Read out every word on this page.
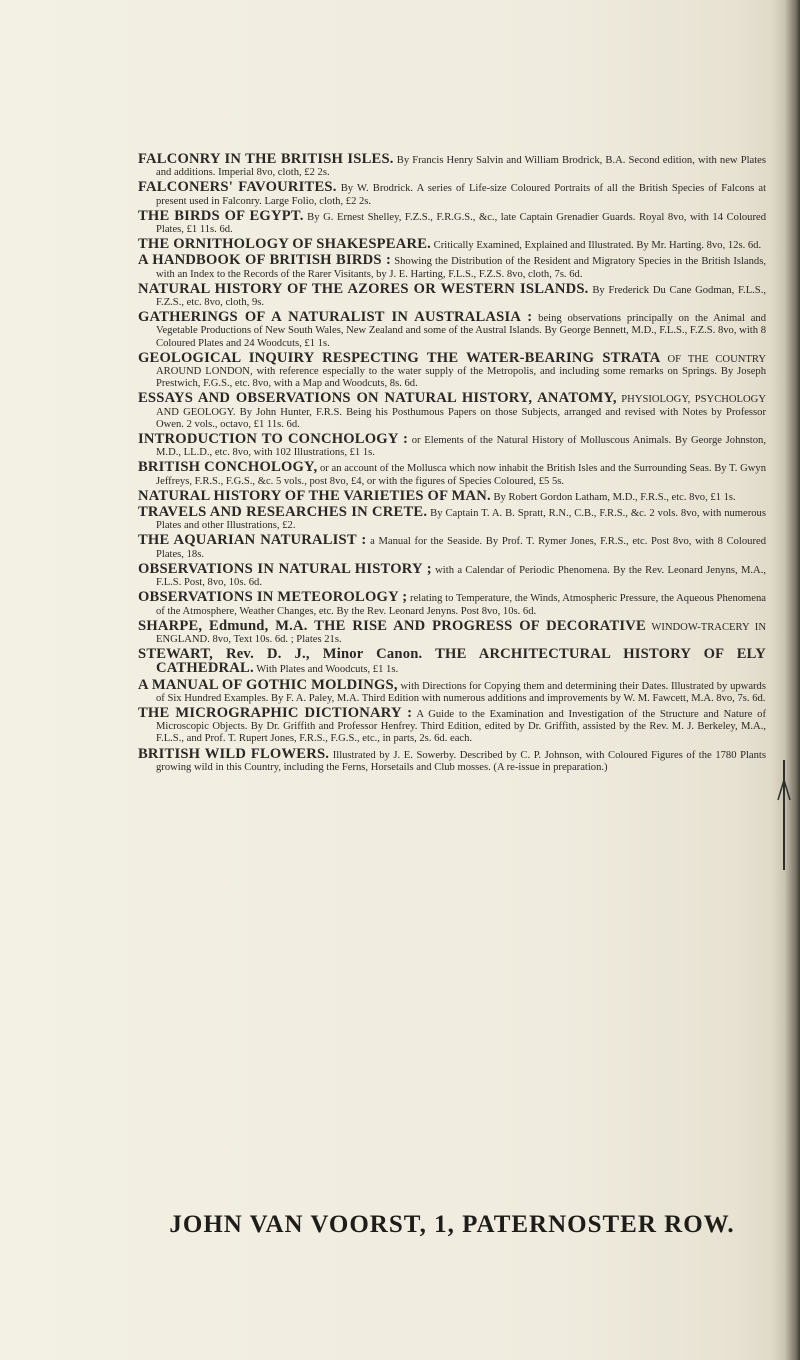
FALCONRY IN THE BRITISH ISLES. By Francis Henry Salvin and William Brodrick, B.A. Second edition, with new Plates and additions. Imperial 8vo, cloth, £2 2s.

FALCONERS' FAVOURITES. By W. Brodrick. A series of Life-size Coloured Portraits of all the British Species of Falcons at present used in Falconry. Large Folio, cloth, £2 2s.

THE BIRDS OF EGYPT. By G. Ernest Shelley, F.Z.S., F.R.G.S., &c., late Captain Grenadier Guards. Royal 8vo, with 14 Coloured Plates, £1 11s. 6d.

THE ORNITHOLOGY OF SHAKESPEARE. Critically Examined, Explained and Illustrated. By Mr. Harting. 8vo, 12s. 6d.

A HANDBOOK OF BRITISH BIRDS : Showing the Distribution of the Resident and Migratory Species in the British Islands, with an Index to the Records of the Rarer Visitants, by J. E. Harting, F.L.S., F.Z.S. 8vo, cloth, 7s. 6d.

NATURAL HISTORY OF THE AZORES OR WESTERN ISLANDS. By Frederick Du Cane Godman, F.L.S., F.Z.S., etc. 8vo, cloth, 9s.

GATHERINGS OF A NATURALIST IN AUSTRALASIA : being observations principally on the Animal and Vegetable Productions of New South Wales, New Zealand and some of the Austral Islands. By George Bennett, M.D., F.L.S., F.Z.S. 8vo, with 8 Coloured Plates and 24 Woodcuts, £1 1s.

GEOLOGICAL INQUIRY RESPECTING THE WATER-BEARING STRATA OF THE COUNTRY AROUND LONDON, with reference especially to the water supply of the Metropolis, and including some remarks on Springs. By Joseph Prestwich, F.G.S., etc. 8vo, with a Map and Woodcuts, 8s. 6d.

ESSAYS AND OBSERVATIONS ON NATURAL HISTORY, ANATOMY, PHYSIOLOGY, PSYCHOLOGY AND GEOLOGY. By John Hunter, F.R.S. Being his Posthumous Papers on those Subjects, arranged and revised with Notes by Professor Owen. 2 vols., octavo, £1 11s. 6d.

INTRODUCTION TO CONCHOLOGY : or Elements of the Natural History of Molluscous Animals. By George Johnston, M.D., LL.D., etc. 8vo, with 102 Illustrations, £1 1s.

BRITISH CONCHOLOGY, or an account of the Mollusca which now inhabit the British Isles and the Surrounding Seas. By T. Gwyn Jeffreys, F.R.S., F.G.S., &c. 5 vols., post 8vo, £4, or with the figures of Species Coloured, £5 5s.

NATURAL HISTORY OF THE VARIETIES OF MAN. By Robert Gordon Latham, M.D., F.R.S., etc. 8vo, £1 1s.

TRAVELS AND RESEARCHES IN CRETE. By Captain T. A. B. Spratt, R.N., C.B., F.R.S., &c. 2 vols. 8vo, with numerous Plates and other Illustrations, £2.

THE AQUARIAN NATURALIST : a Manual for the Seaside. By Prof. T. Rymer Jones, F.R.S., etc. Post 8vo, with 8 Coloured Plates, 18s.

OBSERVATIONS IN NATURAL HISTORY ; with a Calendar of Periodic Phenomena. By the Rev. Leonard Jenyns, M.A., F.L.S. Post, 8vo, 10s. 6d.

OBSERVATIONS IN METEOROLOGY ; relating to Temperature, the Winds, Atmospheric Pressure, the Aqueous Phenomena of the Atmosphere, Weather Changes, etc. By the Rev. Leonard Jenyns. Post 8vo, 10s. 6d.

SHARPE, Edmund, M.A. THE RISE AND PROGRESS OF DECORATIVE WINDOW-TRACERY IN ENGLAND. 8vo, Text 10s. 6d. ; Plates 21s.

STEWART, Rev. D. J., Minor Canon. THE ARCHITECTURAL HISTORY OF ELY CATHEDRAL. With Plates and Woodcuts, £1 1s.

A MANUAL OF GOTHIC MOLDINGS, with Directions for Copying them and determining their Dates. Illustrated by upwards of Six Hundred Examples. By F. A. Paley, M.A. Third Edition with numerous additions and improvements by W. M. Fawcett, M.A. 8vo, 7s. 6d.

THE MICROGRAPHIC DICTIONARY : A Guide to the Examination and Investigation of the Structure and Nature of Microscopic Objects. By Dr. Griffith and Professor Henfrey. Third Edition, edited by Dr. Griffith, assisted by the Rev. M. J. Berkeley, M.A., F.L.S., and Prof. T. Rupert Jones, F.R.S., F.G.S., etc., in parts, 2s. 6d. each.

BRITISH WILD FLOWERS. Illustrated by J. E. Sowerby. Described by C. P. Johnson, with Coloured Figures of the 1780 Plants growing wild in this Country, including the Ferns, Horsetails and Club mosses. (A re-issue in preparation.)

JOHN VAN VOORST, 1, PATERNOSTER ROW.
